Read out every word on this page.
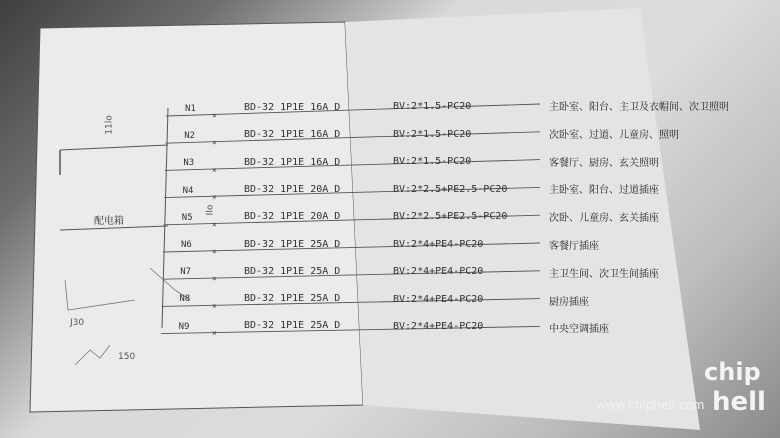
×
×
×
×
×
×
×
×
×
配电箱
11lo
Ilo
J30
150
N1	BD-32 1P1E 16A D	BV:2*1.5-PC20	主卧室、阳台、主卫及衣帽间、次卫照明
N2	BD-32 1P1E 16A D	BV:2*1.5-PC20	次卧室、过道、儿童房、照明
N3	BD-32 1P1E 16A D	BV:2*1.5-PC20	客餐厅、厨房、玄关照明
N4	BD-32 1P1E 20A D	BV:2*2.5+PE2.5-PC20	主卧室、阳台、过道插座
N5	BD-32 1P1E 20A D	BV:2*2.5+PE2.5-PC20	次卧、儿童房、玄关插座
N6	BD-32 1P1E 25A D	BV:2*4+PE4-PC20	客餐厅插座
N7	BD-32 1P1E 25A D	BV:2*4+PE4-PC20	主卫生间、次卫生间插座
N8	BD-32 1P1E 25A D	BV:2*4+PE4-PC20	厨房插座
N9	BD-32 1P1E 25A D	BV:2*4+PE4-PC20	中央空调插座
www.chiphell.com
chip
hell
